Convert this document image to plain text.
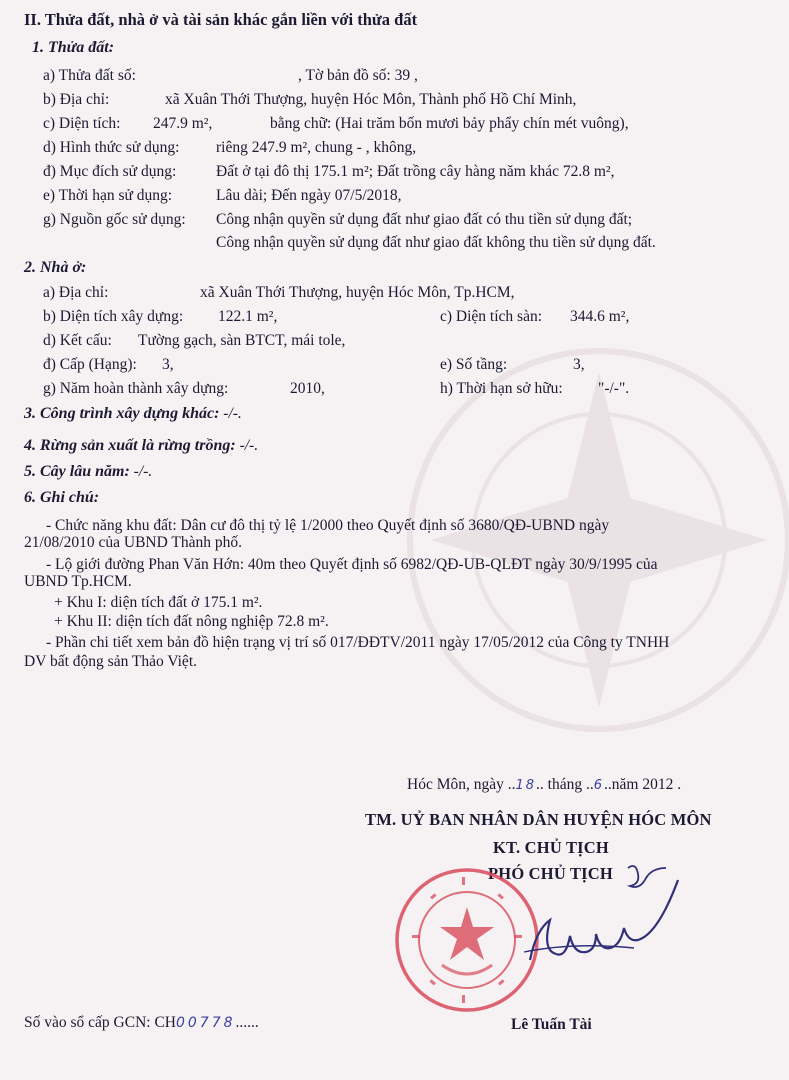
II. Thửa đất, nhà ở và tài sản khác gắn liền với thửa đất
1. Thửa đất:
a) Thửa đất số:	, Tờ bản đồ số: 39 ,
b) Địa chỉ:	xã Xuân Thới Thượng, huyện Hóc Môn, Thành phố Hồ Chí Minh,
c) Diện tích: 247.9 m²,	bằng chữ: (Hai trăm bốn mươi bảy phẩy chín mét vuông),
d) Hình thức sử dụng: riêng 247.9 m², chung - , không,
đ) Mục đích sử dụng:	Đất ở tại đô thị 175.1 m²; Đất trồng cây hàng năm khác 72.8 m²,
e) Thời hạn sử dụng:	Lâu dài; Đến ngày 07/5/2018,
g) Nguồn gốc sử dụng: Công nhận quyền sử dụng đất như giao đất có thu tiền sử dụng đất;
Công nhận quyền sử dụng đất như giao đất không thu tiền sử dụng đất.
2. Nhà ở:
a) Địa chỉ:	xã Xuân Thới Thượng, huyện Hóc Môn, Tp.HCM,
b) Diện tích xây dựng: 122.1 m²,	c) Diện tích sàn: 344.6 m²,
d) Kết cấu: Tường gạch, sàn BTCT, mái tole,
đ) Cấp (Hạng): 3,	e) Số tầng:	3,
g) Năm hoàn thành xây dựng:	2010,	h) Thời hạn sở hữu: "-/-".
3. Công trình xây dựng khác: -/-.
4. Rừng sản xuất là rừng trồng: -/-.
5. Cây lâu năm: -/-.
6. Ghi chú:
- Chức năng khu đất: Dân cư đô thị tỷ lệ 1/2000 theo Quyết định số 3680/QĐ-UBND ngày
21/08/2010 của UBND Thành phố.
- Lộ giới đường Phan Văn Hớn: 40m theo Quyết định số 6982/QĐ-UB-QLĐT ngày 30/9/1995 của
UBND Tp.HCM.
+ Khu I: diện tích đất ở 175.1 m².
+ Khu II: diện tích đất nông nghiệp 72.8 m².
- Phần chi tiết xem bản đồ hiện trạng vị trí số 017/ĐĐTV/2011 ngày 17/05/2012 của Công ty TNHH
DV bất động sản Thảo Việt.
Hóc Môn, ngày ..18.. tháng ..6..năm 2012 .
TM. UỶ BAN NHÂN DÂN HUYỆN HÓC MÔN
KT. CHỦ TỊCH
PHÓ CHỦ TỊCH
Lê Tuấn Tài
Số vào sổ cấp GCN: CH00778......
